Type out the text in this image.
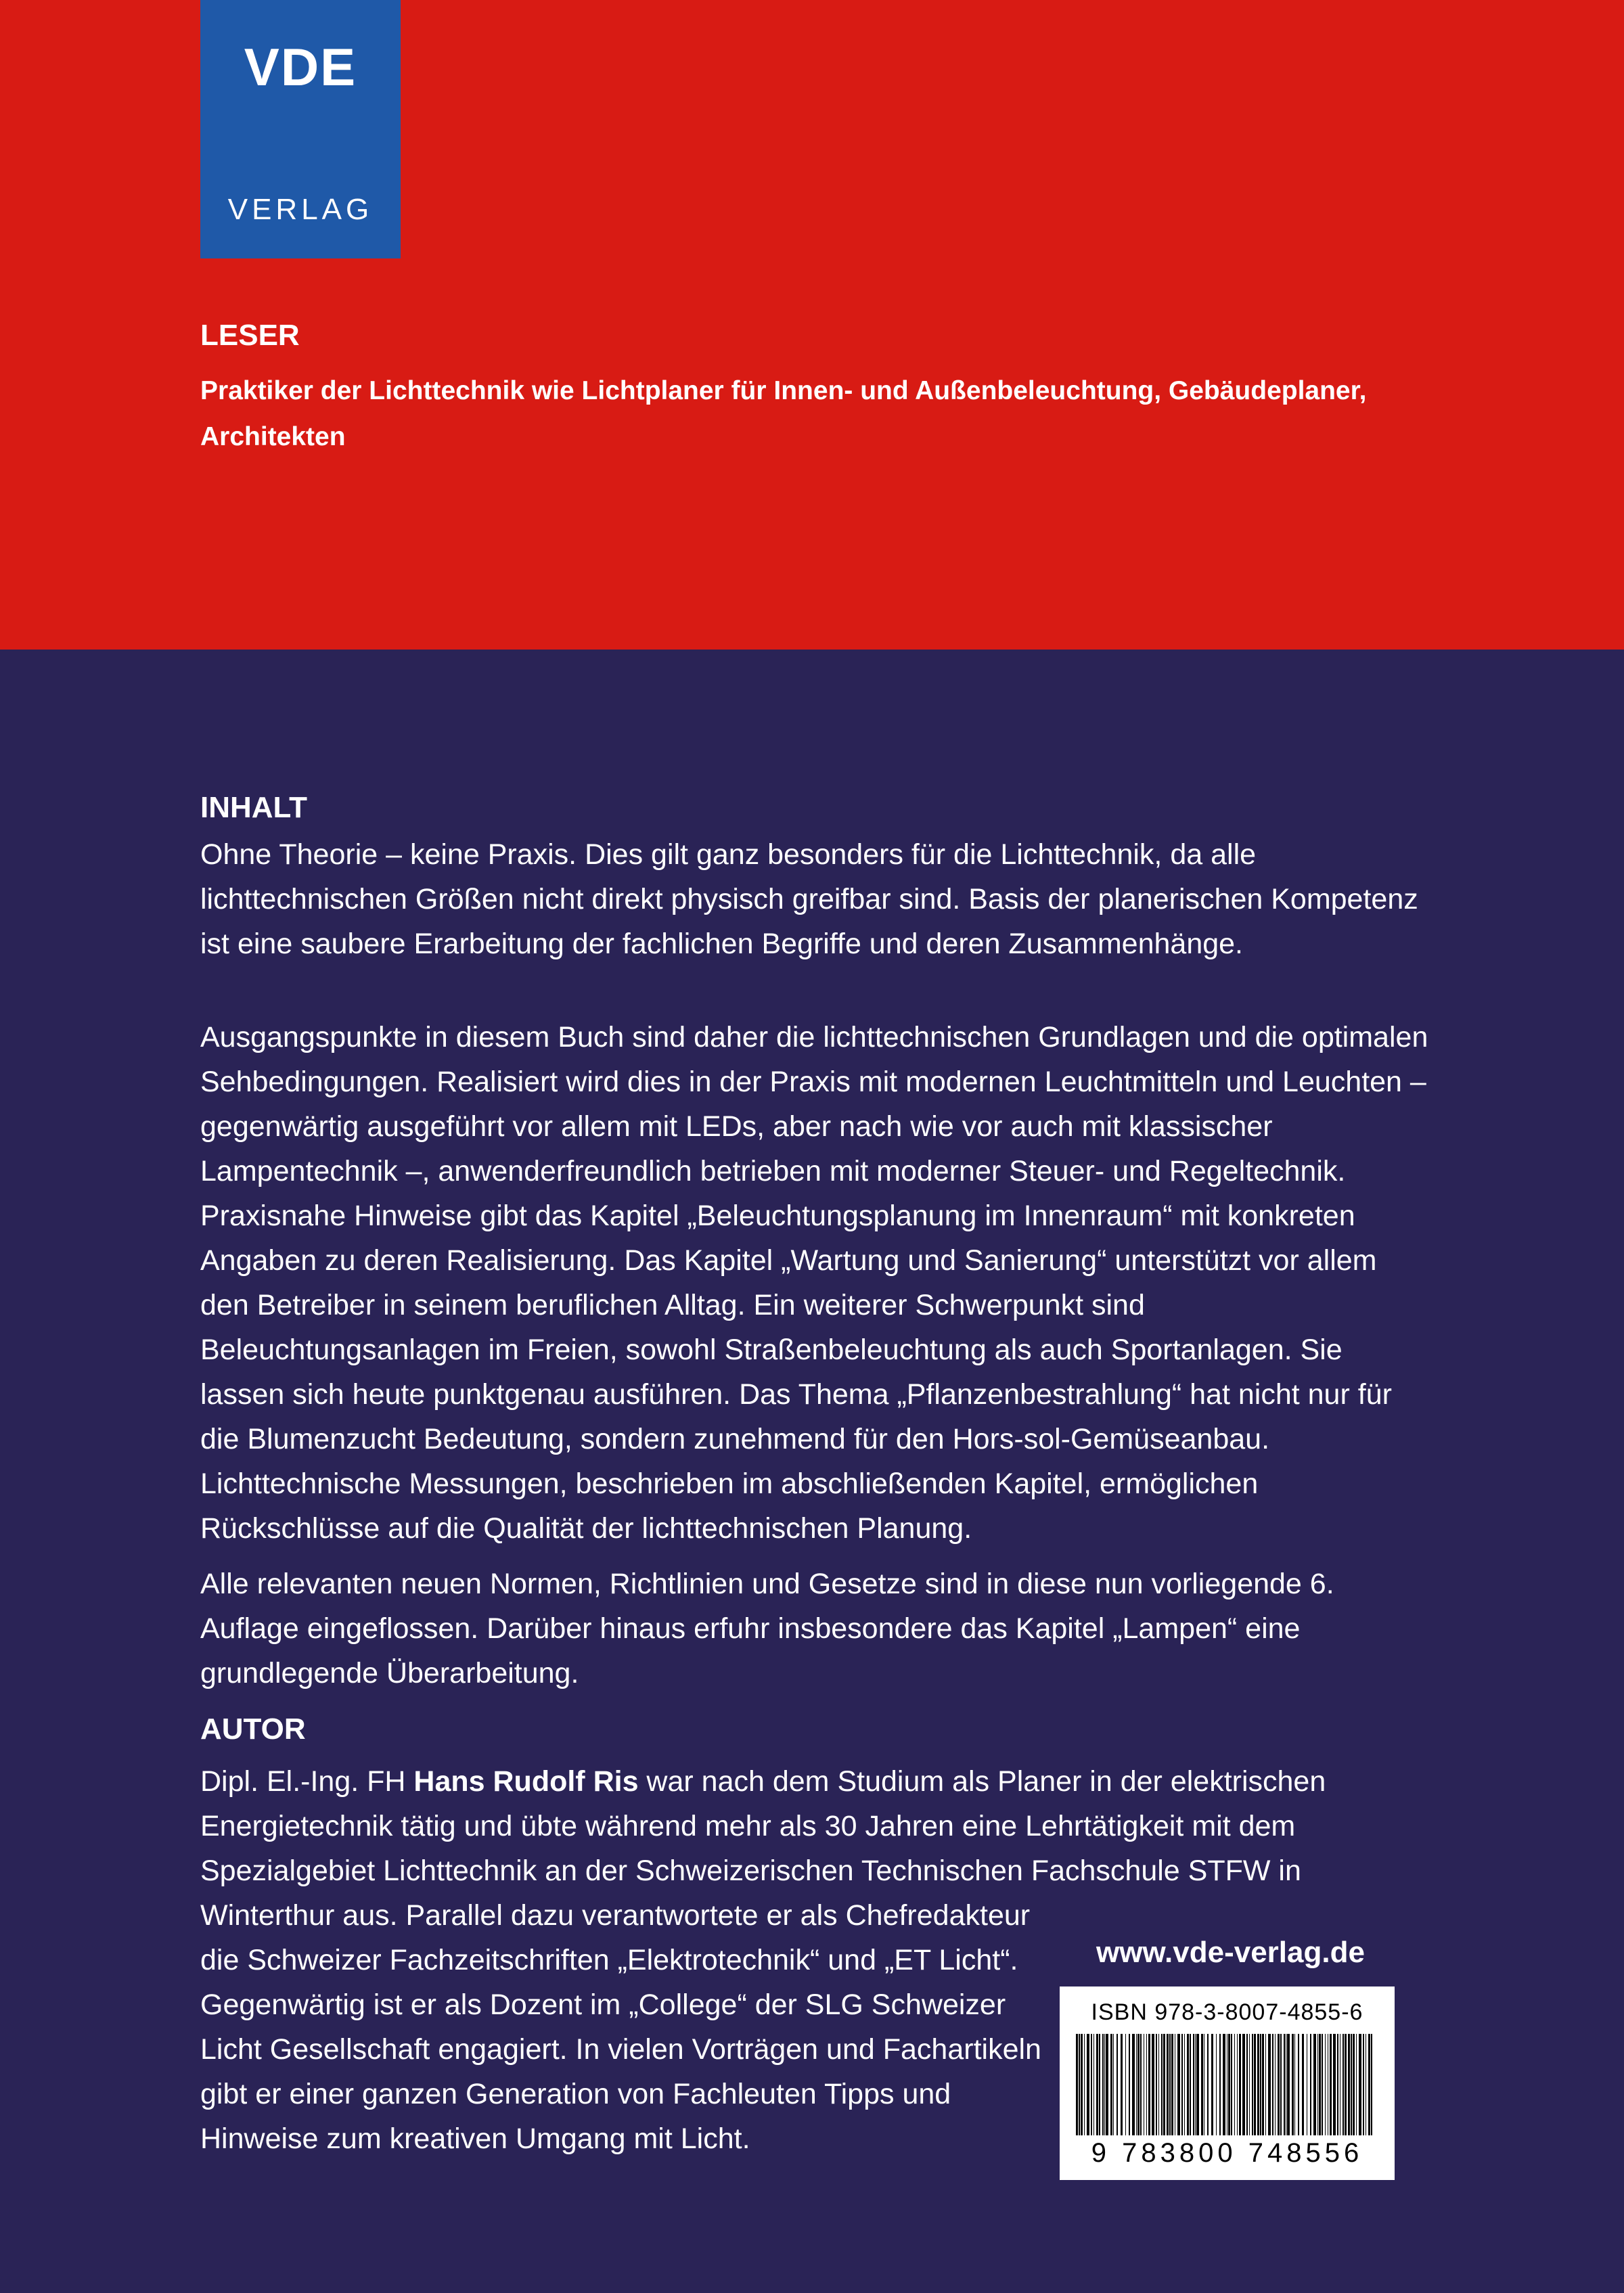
VDE
VERLAG
LESER
Praktiker der Lichttechnik wie Lichtplaner für Innen- und Außenbeleuchtung, Gebäudeplaner, Architekten
INHALT
Ohne Theorie – keine Praxis. Dies gilt ganz besonders für die Lichttechnik, da alle lichttechnischen Größen nicht direkt physisch greifbar sind. Basis der planerischen Kompetenz ist eine saubere Erarbeitung der fachlichen Begriffe und deren Zusammenhänge.
Ausgangspunkte in diesem Buch sind daher die lichttechnischen Grundlagen und die optimalen Sehbedingungen. Realisiert wird dies in der Praxis mit modernen Leuchtmitteln und Leuchten – gegenwärtig ausgeführt vor allem mit LEDs, aber nach wie vor auch mit klassischer Lampentechnik –, anwenderfreundlich betrieben mit moderner Steuer- und Regeltechnik. Praxisnahe Hinweise gibt das Kapitel „Beleuchtungsplanung im Innenraum“ mit konkreten Angaben zu deren Realisierung. Das Kapitel „Wartung und Sanierung“ unterstützt vor allem den Betreiber in seinem beruflichen Alltag. Ein weiterer Schwerpunkt sind Beleuchtungsanlagen im Freien, sowohl Straßenbeleuchtung als auch Sportanlagen. Sie lassen sich heute punktgenau ausführen. Das Thema „Pflanzenbestrahlung“ hat nicht nur für die Blumenzucht Bedeutung, sondern zunehmend für den Hors-sol-Gemüseanbau. Lichttechnische Messungen, beschrieben im abschließenden Kapitel, ermöglichen Rückschlüsse auf die Qualität der lichttechnischen Planung.
Alle relevanten neuen Normen, Richtlinien und Gesetze sind in diese nun vorliegende 6. Auflage eingeflossen. Darüber hinaus erfuhr insbesondere das Kapitel „Lampen“ eine grundlegende Überarbeitung.
AUTOR
Dipl. El.-Ing. FH Hans Rudolf Ris war nach dem Studium als Planer in der elektrischen Energietechnik tätig und übte während mehr als 30 Jahren eine Lehrtätigkeit mit dem Spezialgebiet Lichttechnik an der Schweizerischen Technischen Fachschule STFW in
Winterthur aus. Parallel dazu verantwortete er als Chefredakteur die Schweizer Fachzeitschriften „Elektrotechnik“ und „ET Licht“. Gegenwärtig ist er als Dozent im „College“ der SLG Schweizer Licht Gesellschaft engagiert. In vielen Vorträgen und Fachartikeln gibt er einer ganzen Generation von Fachleuten Tipps und Hinweise zum kreativen Umgang mit Licht.
www.vde-verlag.de
ISBN 978-3-8007-4855-6
9 783800 748556
